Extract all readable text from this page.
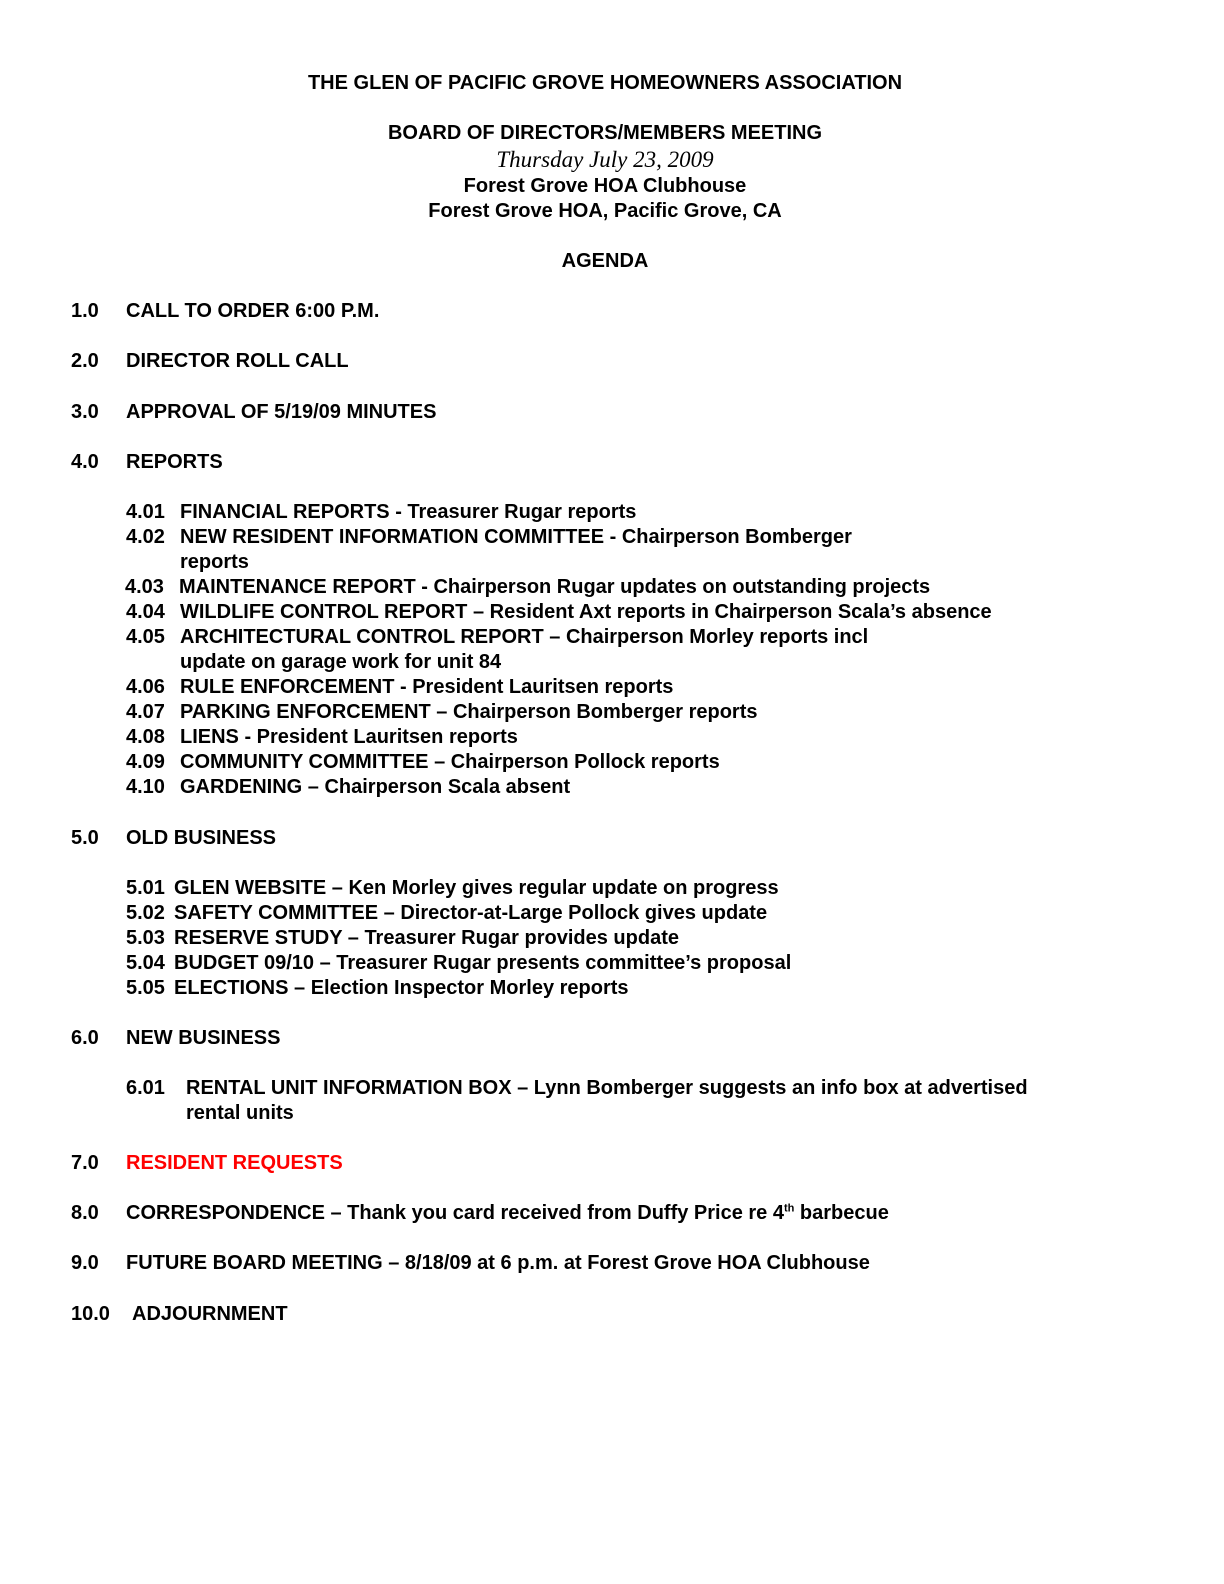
THE GLEN OF PACIFIC GROVE HOMEOWNERS ASSOCIATION
BOARD OF DIRECTORS/MEMBERS MEETING
Thursday July 23, 2009
Forest Grove HOA Clubhouse
Forest Grove HOA, Pacific Grove, CA
AGENDA
1.0 CALL TO ORDER 6:00 P.M.
2.0 DIRECTOR ROLL CALL
3.0 APPROVAL OF 5/19/09 MINUTES
4.0 REPORTS
4.01 FINANCIAL REPORTS - Treasurer Rugar reports
4.02 NEW RESIDENT INFORMATION COMMITTEE - Chairperson Bomberger
reports
4.03 MAINTENANCE REPORT - Chairperson Rugar updates on outstanding projects
4.04 WILDLIFE CONTROL REPORT – Resident Axt reports in Chairperson Scala’s absence
4.05 ARCHITECTURAL CONTROL REPORT – Chairperson Morley reports incl
update on garage work for unit 84
4.06 RULE ENFORCEMENT - President Lauritsen reports
4.07 PARKING ENFORCEMENT – Chairperson Bomberger reports
4.08 LIENS - President Lauritsen reports
4.09 COMMUNITY COMMITTEE – Chairperson Pollock reports
4.10 GARDENING – Chairperson Scala absent
5.0 OLD BUSINESS
5.01 GLEN WEBSITE – Ken Morley gives regular update on progress
5.02 SAFETY COMMITTEE – Director-at-Large Pollock gives update
5.03 RESERVE STUDY – Treasurer Rugar provides update
5.04 BUDGET 09/10 – Treasurer Rugar presents committee’s proposal
5.05 ELECTIONS – Election Inspector Morley reports
6.0 NEW BUSINESS
6.01 RENTAL UNIT INFORMATION BOX – Lynn Bomberger suggests an info box at advertised
rental units
7.0 RESIDENT REQUESTS
8.0 CORRESPONDENCE – Thank you card received from Duffy Price re 4th barbecue
9.0 FUTURE BOARD MEETING – 8/18/09 at 6 p.m. at Forest Grove HOA Clubhouse
10.0 ADJOURNMENT
